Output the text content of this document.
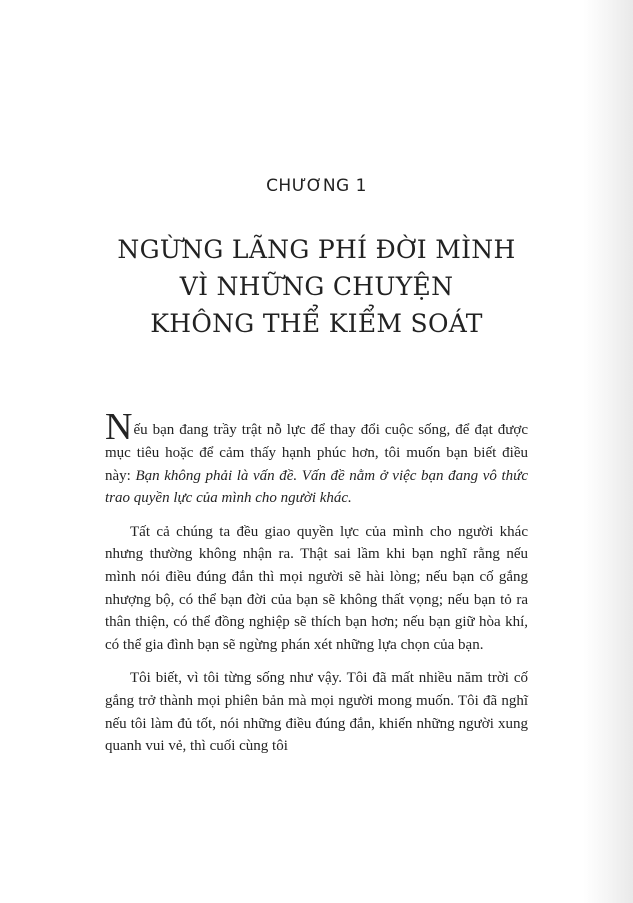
CHƯƠNG 1
NGỪNG LÃNG PHÍ ĐỜI MÌNH
VÌ NHỮNG CHUYỆN
KHÔNG THỂ KIỂM SOÁT

Nếu bạn đang trầy trật nỗ lực để thay đổi cuộc sống, để đạt được mục tiêu hoặc để cảm thấy hạnh phúc hơn, tôi muốn bạn biết điều này: Bạn không phải là vấn đề. Vấn đề nằm ở việc bạn đang vô thức trao quyền lực của mình cho người khác.

Tất cả chúng ta đều giao quyền lực của mình cho người khác nhưng thường không nhận ra. Thật sai lầm khi bạn nghĩ rằng nếu mình nói điều đúng đắn thì mọi người sẽ hài lòng; nếu bạn cố gắng nhượng bộ, có thể bạn đời của bạn sẽ không thất vọng; nếu bạn tỏ ra thân thiện, có thể đồng nghiệp sẽ thích bạn hơn; nếu bạn giữ hòa khí, có thể gia đình bạn sẽ ngừng phán xét những lựa chọn của bạn.

Tôi biết, vì tôi từng sống như vậy. Tôi đã mất nhiều năm trời cố gắng trở thành mọi phiên bản mà mọi người mong muốn. Tôi đã nghĩ nếu tôi làm đủ tốt, nói những điều đúng đắn, khiến những người xung quanh vui vẻ, thì cuối cùng tôi
